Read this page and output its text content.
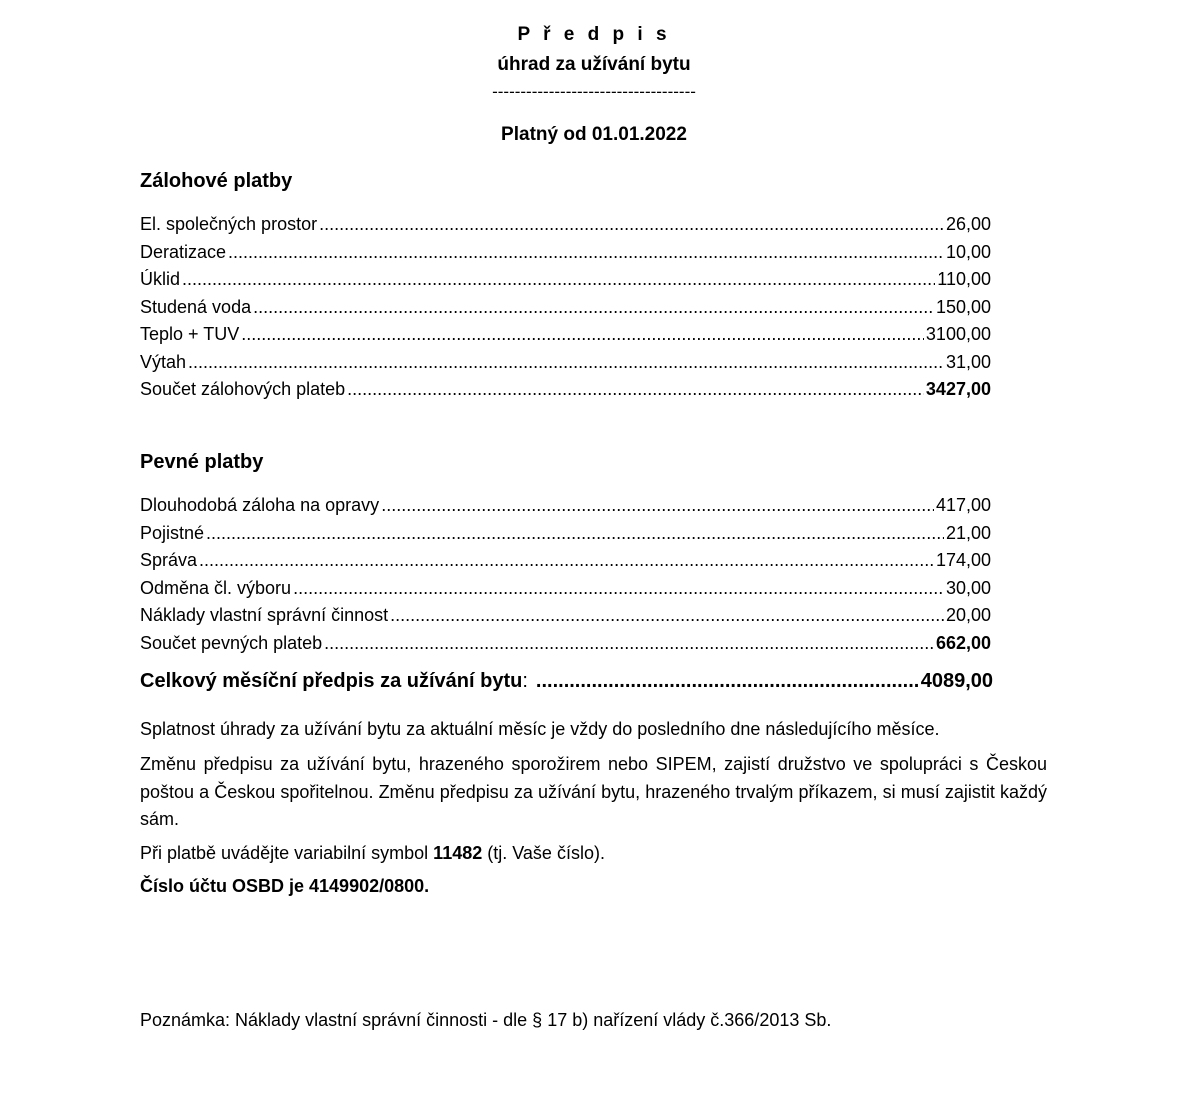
P ř e d p i s
úhrad za užívání bytu
------------------------------------
Platný od 01.01.2022
Zálohové platby
El. společných prostor .....	26,00
Deratizace .....	10,00
Úklid .....	110,00
Studená voda .....	150,00
Teplo + TUV .....	3100,00
Výtah .....	31,00
Součet zálohových plateb .....	3427,00
Pevné platby
Dlouhodobá záloha na opravy .....	417,00
Pojistné .....	21,00
Správa .....	174,00
Odměna čl. výboru .....	30,00
Náklady vlastní správní činnost .....	20,00
Součet pevných plateb .....	662,00
Celkový měsíční předpis za užívání bytu : .....	4089,00
Splatnost úhrady za užívání bytu za aktuální měsíc je vždy do posledního dne následujícího měsíce.
Změnu předpisu za užívání bytu, hrazeného sporožirem nebo SIPEM, zajistí družstvo ve spolupráci s Českou poštou a Českou spořitelnou. Změnu předpisu za užívání bytu, hrazeného trvalým příkazem, si musí zajistit každý sám.
Při platbě uvádějte variabilní symbol 11482 (tj. Vaše číslo).
Číslo účtu OSBD je 4149902/0800.
Poznámka: Náklady vlastní správní činnosti - dle § 17 b) nařízení vlády č.366/2013 Sb.
